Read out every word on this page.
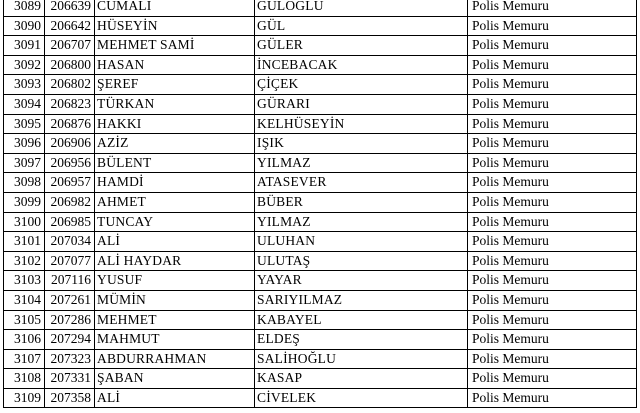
3089	206639	CUMALİ	GÜLOĞLU	Polis Memuru
3090	206642	HÜSEYİN	GÜL	Polis Memuru
3091	206707	MEHMET SAMİ	GÜLER	Polis Memuru
3092	206800	HASAN	İNCEBACAK	Polis Memuru
3093	206802	ŞEREF	ÇİÇEK	Polis Memuru
3094	206823	TÜRKAN	GÜRARI	Polis Memuru
3095	206876	HAKKI	KELHÜSEYİN	Polis Memuru
3096	206906	AZİZ	IŞIK	Polis Memuru
3097	206956	BÜLENT	YILMAZ	Polis Memuru
3098	206957	HAMDİ	ATASEVER	Polis Memuru
3099	206982	AHMET	BÜBER	Polis Memuru
3100	206985	TUNCAY	YILMAZ	Polis Memuru
3101	207034	ALİ	ULUHAN	Polis Memuru
3102	207077	ALİ HAYDAR	ULUTAŞ	Polis Memuru
3103	207116	YUSUF	YAYAR	Polis Memuru
3104	207261	MÜMİN	SARIYILMAZ	Polis Memuru
3105	207286	MEHMET	KABAYEL	Polis Memuru
3106	207294	MAHMUT	ELDEŞ	Polis Memuru
3107	207323	ABDURRAHMAN	SALİHOĞLU	Polis Memuru
3108	207331	ŞABAN	KASAP	Polis Memuru
3109	207358	ALİ	CİVELEK	Polis Memuru
